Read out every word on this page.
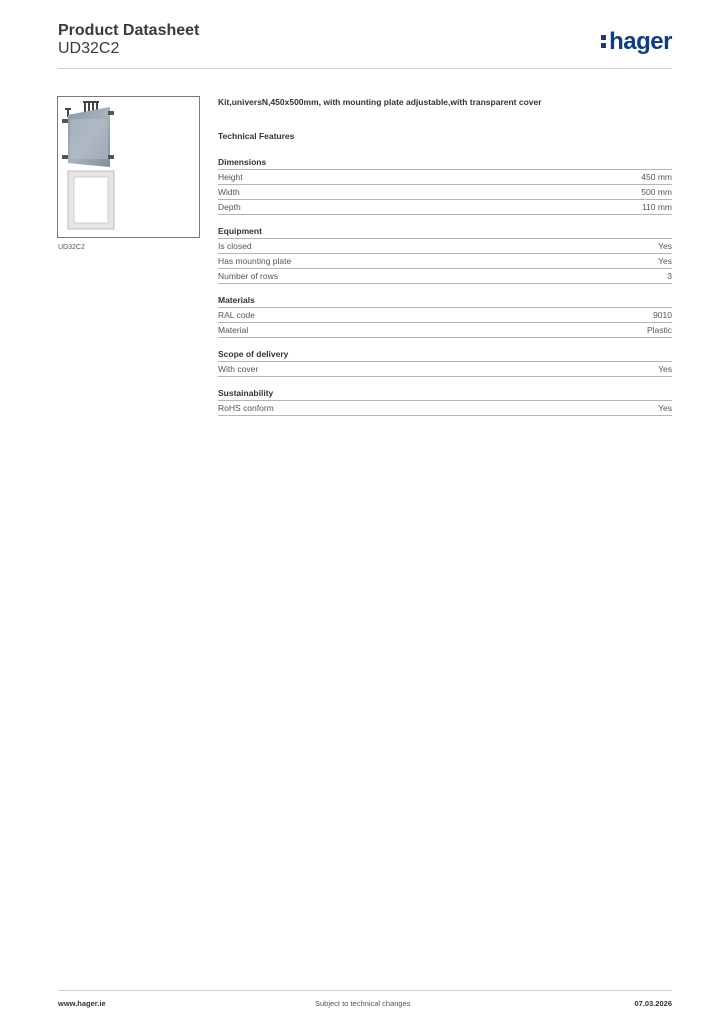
Product Datasheet
UD32C2	hager
UD32C2
Kit,universN,450x500mm, with mounting plate adjustable,with transparent cover
Technical Features
Dimensions
Height	450 mm
Width	500 mm
Depth	110 mm
Equipment
Is closed	Yes
Has mounting plate	Yes
Number of rows	3
Materials
RAL code	9010
Material	Plastic
Scope of delivery
With cover	Yes
Sustainability
RoHS conform	Yes
www.hager.ie	Subject to technical changes	07.03.2026
